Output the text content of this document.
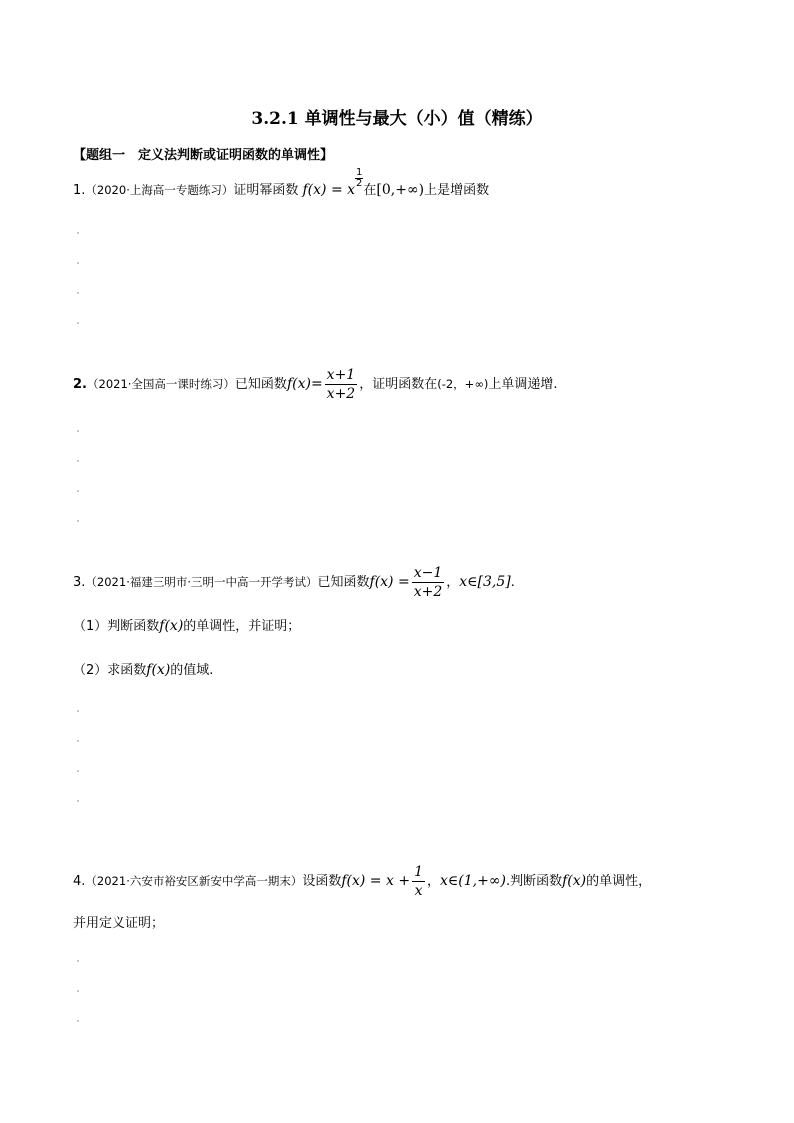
3.2.1 单调性与最大（小）值（精练）
【题组一　定义法判断或证明函数的单调性】
1.（2020·上海高一专题练习）证明幂函数 f(x) = x
$\frac{1}{2}$
在[0,+∞)上是增函数
2.（2021·全国高一课时练习）已知函数$f(x)= \frac{x+1}{x+2}$ ，证明函数在(-2，+∞)上单调递增.
3.（2021·福建三明市·三明一中高一开学考试）已知函数$f(x) = \frac{x-1}{x+2}$ ，x∈[3,5].
（1）判断函数f(x)的单调性，并证明；
（2）求函数f(x)的值域.
4.（2021·六安市裕安区新安中学高一期末）设函数$f(x) = x + \frac{1}{x}$ ，x∈(1,+∞).判断函数f(x)的单调性，
并用定义证明；
